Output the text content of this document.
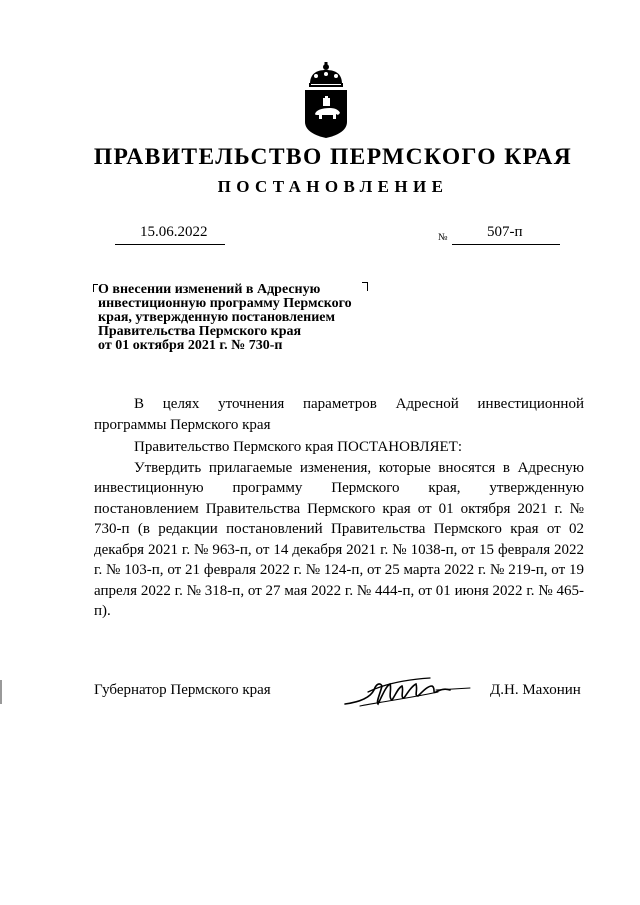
ПРАВИТЕЛЬСТВО ПЕРМСКОГО КРАЯ
ПОСТАНОВЛЕНИЕ
15.06.2022	№	507-п
О внесении изменений в Адресную
инвестиционную программу Пермского
края, утвержденную постановлением
Правительства Пермского края
от 01 октября 2021 г. № 730-п

В целях уточнения параметров Адресной инвестиционной программы Пермского края

Правительство Пермского края ПОСТАНОВЛЯЕТ:

Утвердить прилагаемые изменения, которые вносятся в Адресную инвестиционную программу Пермского края, утвержденную постановлением Правительства Пермского края от 01 октября 2021 г. № 730-п (в редакции постановлений Правительства Пермского края от 02 декабря 2021 г. № 963-п, от 14 декабря 2021 г. № 1038-п, от 15 февраля 2022 г. № 103-п, от 21 февраля 2022 г. № 124-п, от 25 марта 2022 г. № 219-п, от 19 апреля 2022 г. № 318-п, от 27 мая 2022 г. № 444-п, от 01 июня 2022 г. № 465-п).

Губернатор Пермского края	Д.Н. Махонин
